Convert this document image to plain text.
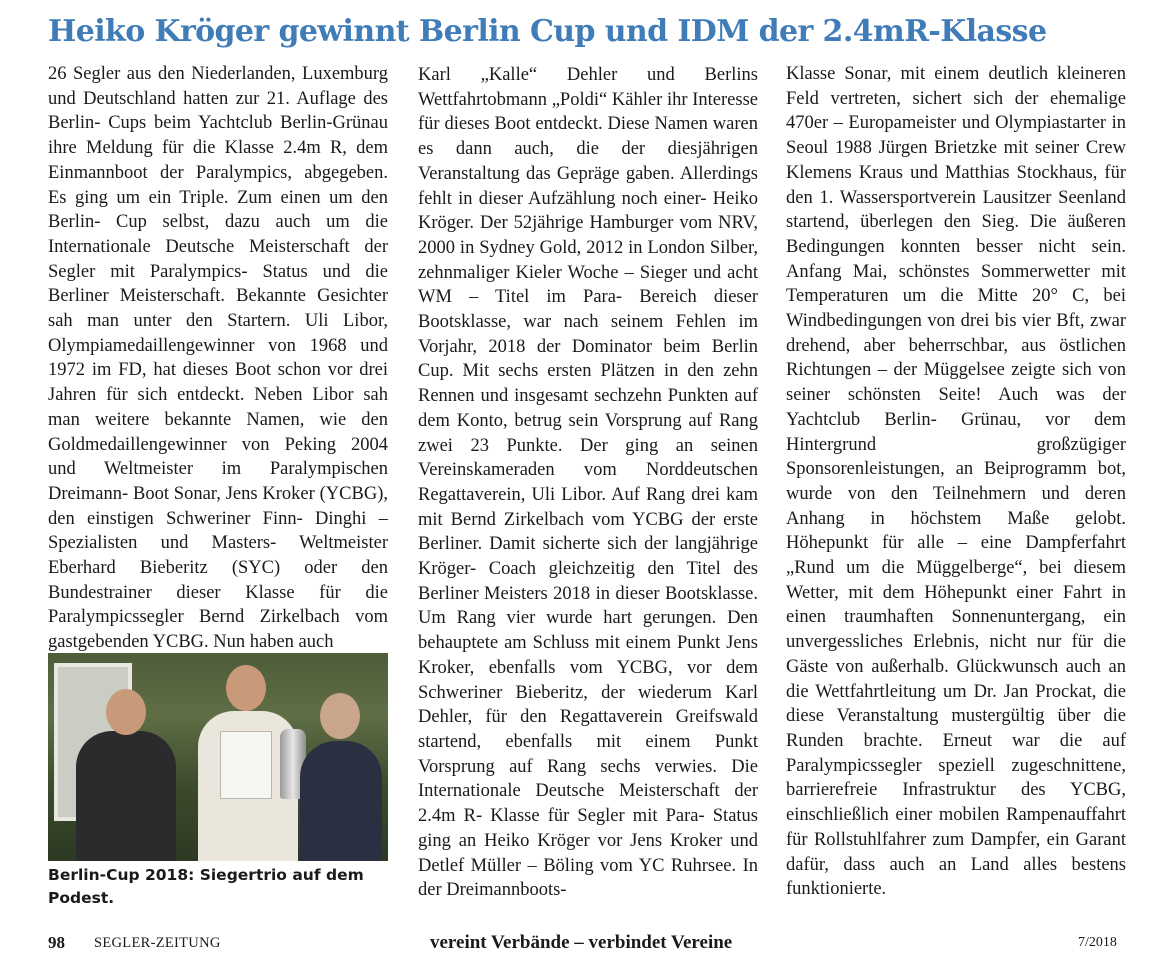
Heiko Kröger gewinnt Berlin Cup und IDM der 2.4mR-Klasse

26 Segler aus den Niederlanden, Luxemburg und Deutschland hatten zur 21. Auflage des Berlin- Cups beim Yachtclub Berlin-Grünau ihre Meldung für die Klasse 2.4m R, dem Einmannboot der Paralympics, abgegeben. Es ging um ein Triple. Zum einen um den Berlin- Cup selbst, dazu auch um die Internationale Deutsche Meisterschaft der Segler mit Paralympics- Status und die Berliner Meisterschaft. Bekannte Gesichter sah man unter den Startern. Uli Libor, Olympiamedaillengewinner von 1968 und 1972 im FD, hat dieses Boot schon vor drei Jahren für sich entdeckt. Neben Libor sah man weitere bekannte Namen, wie den Goldmedaillengewinner von Peking 2004 und Weltmeister im Paralympischen Dreimann- Boot Sonar, Jens Kroker (YCBG), den einstigen Schweriner Finn- Dinghi – Spezialisten und Masters- Weltmeister Eberhard Bieberitz (SYC) oder den Bundestrainer dieser Klasse für die Paralympicssegler Bernd Zirkelbach vom gastgebenden YCBG. Nun haben auch

Berlin-Cup 2018: Siegertrio auf dem Podest.

Karl „Kalle“ Dehler und Berlins Wettfahrtobmann „Poldi“ Kähler ihr Interesse für dieses Boot entdeckt. Diese Namen waren es dann auch, die der diesjährigen Veranstaltung das Gepräge gaben. Allerdings fehlt in dieser Aufzählung noch einer- Heiko Kröger. Der 52jährige Hamburger vom NRV, 2000 in Sydney Gold, 2012 in London Silber, zehnmaliger Kieler Woche – Sieger und acht WM – Titel im Para- Bereich dieser Bootsklasse, war nach seinem Fehlen im Vorjahr, 2018 der Dominator beim Berlin Cup. Mit sechs ersten Plätzen in den zehn Rennen und insgesamt sechzehn Punkten auf dem Konto, betrug sein Vorsprung auf Rang zwei 23 Punkte. Der ging an seinen Vereinskameraden vom Norddeutschen Regattaverein, Uli Libor. Auf Rang drei kam mit Bernd Zirkelbach vom YCBG der erste Berliner. Damit sicherte sich der langjährige Kröger- Coach gleichzeitig den Titel des Berliner Meisters 2018 in dieser Bootsklasse. Um Rang vier wurde hart gerungen. Den behauptete am Schluss mit einem Punkt Jens Kroker, ebenfalls vom YCBG, vor dem Schweriner Bieberitz, der wiederum Karl Dehler, für den Regattaverein Greifswald startend, ebenfalls mit einem Punkt Vorsprung auf Rang sechs verwies. Die Internationale Deutsche Meisterschaft der 2.4m R- Klasse für Segler mit Para- Status ging an Heiko Kröger vor Jens Kroker und Detlef Müller – Böling vom YC Ruhrsee. In der Dreimannboots-

Klasse Sonar, mit einem deutlich kleineren Feld vertreten, sichert sich der ehemalige 470er – Europameister und Olympiastarter in Seoul 1988 Jürgen Brietzke mit seiner Crew Klemens Kraus und Matthias Stockhaus, für den 1. Wassersportverein Lausitzer Seenland startend, überlegen den Sieg. Die äußeren Bedingungen konnten besser nicht sein. Anfang Mai, schönstes Sommerwetter mit Temperaturen um die Mitte 20° C, bei Windbedingungen von drei bis vier Bft, zwar drehend, aber beherrschbar, aus östlichen Richtungen – der Müggelsee zeigte sich von seiner schönsten Seite! Auch was der Yachtclub Berlin- Grünau, vor dem Hintergrund großzügiger Sponsorenleistungen, an Beiprogramm bot, wurde von den Teilnehmern und deren Anhang in höchstem Maße gelobt. Höhepunkt für alle – eine Dampferfahrt „Rund um die Müggelberge“, bei diesem Wetter, mit dem Höhepunkt einer Fahrt in einen traumhaften Sonnenuntergang, ein unvergessliches Erlebnis, nicht nur für die Gäste von außerhalb. Glückwunsch auch an die Wettfahrtleitung um Dr. Jan Prockat, die diese Veranstaltung mustergültig über die Runden brachte. Erneut war die auf Paralympicssegler speziell zugeschnittene, barrierefreie Infrastruktur des YCBG, einschließlich einer mobilen Rampenauffahrt für Rollstuhlfahrer zum Dampfer, ein Garant dafür, dass auch an Land alles bestens funktionierte.

98 SEGLER-ZEITUNG	vereint Verbände – verbindet Vereine	7/2018
